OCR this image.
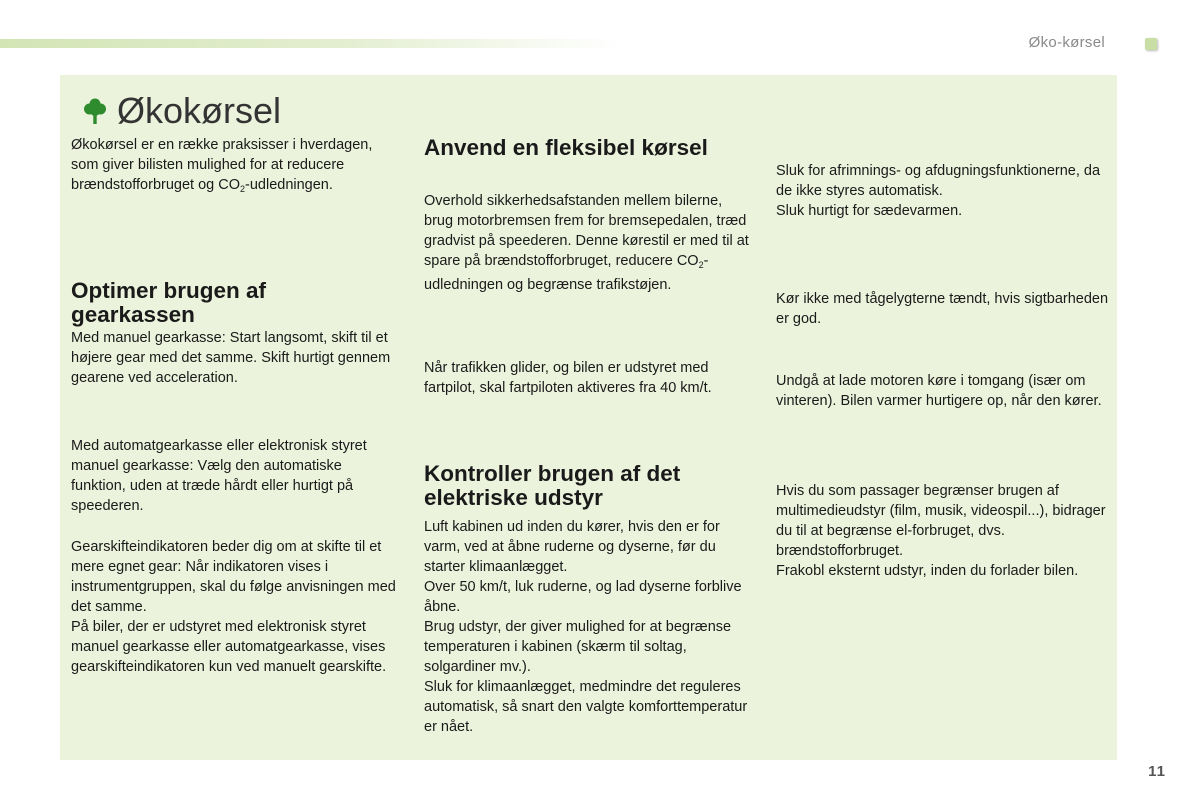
Øko-kørsel
Økokørsel

Økokørsel er en række praksisser i hverdagen, som giver bilisten mulighed for at reducere brændstofforbruget og $CO_2$-udledningen.

Optimer brugen af gearkassen

Med manuel gearkasse: Start langsomt, skift til et højere gear med det samme. Skift hurtigt gennem gearene ved acceleration.

Med automatgearkasse eller elektronisk styret manuel gearkasse: Vælg den automatiske funktion, uden at træde hårdt eller hurtigt på speederen.

Gearskifteindikatoren beder dig om at skifte til et mere egnet gear: Når indikatoren vises i instrumentgruppen, skal du følge anvisningen med det samme.

På biler, der er udstyret med elektronisk styret manuel gearkasse eller automatgearkasse, vises gearskifteindikatoren kun ved manuelt gearskifte.

Anvend en fleksibel kørsel

Overhold sikkerhedsafstanden mellem bilerne, brug motorbremsen frem for bremsepedalen, træd gradvist på speederen. Denne kørestil er med til at spare på brændstofforbruget, reducere $CO_2$-udledningen og begrænse trafikstøjen.

Når trafikken glider, og bilen er udstyret med fartpilot, skal fartpiloten aktiveres fra 40 km/t.

Kontroller brugen af det elektriske udstyr

Luft kabinen ud inden du kører, hvis den er for varm, ved at åbne ruderne og dyserne, før du starter klimaanlægget.

Over 50 km/t, luk ruderne, og lad dyserne forblive åbne.

Brug udstyr, der giver mulighed for at begrænse temperaturen i kabinen (skærm til soltag, solgardiner mv.).

Sluk for klimaanlægget, medmindre det reguleres automatisk, så snart den valgte komforttemperatur er nået.

Sluk for afrimnings- og afdugningsfunktionerne, da de ikke styres automatisk.

Sluk hurtigt for sædevarmen.

Kør ikke med tågelygterne tændt, hvis sigtbarheden er god.

Undgå at lade motoren køre i tomgang (især om vinteren). Bilen varmer hurtigere op, når den kører.

Hvis du som passager begrænser brugen af multimedieudstyr (film, musik, videospil...), bidrager du til at begrænse el-forbruget, dvs. brændstofforbruget.

Frakobl eksternt udstyr, inden du forlader bilen.

11
